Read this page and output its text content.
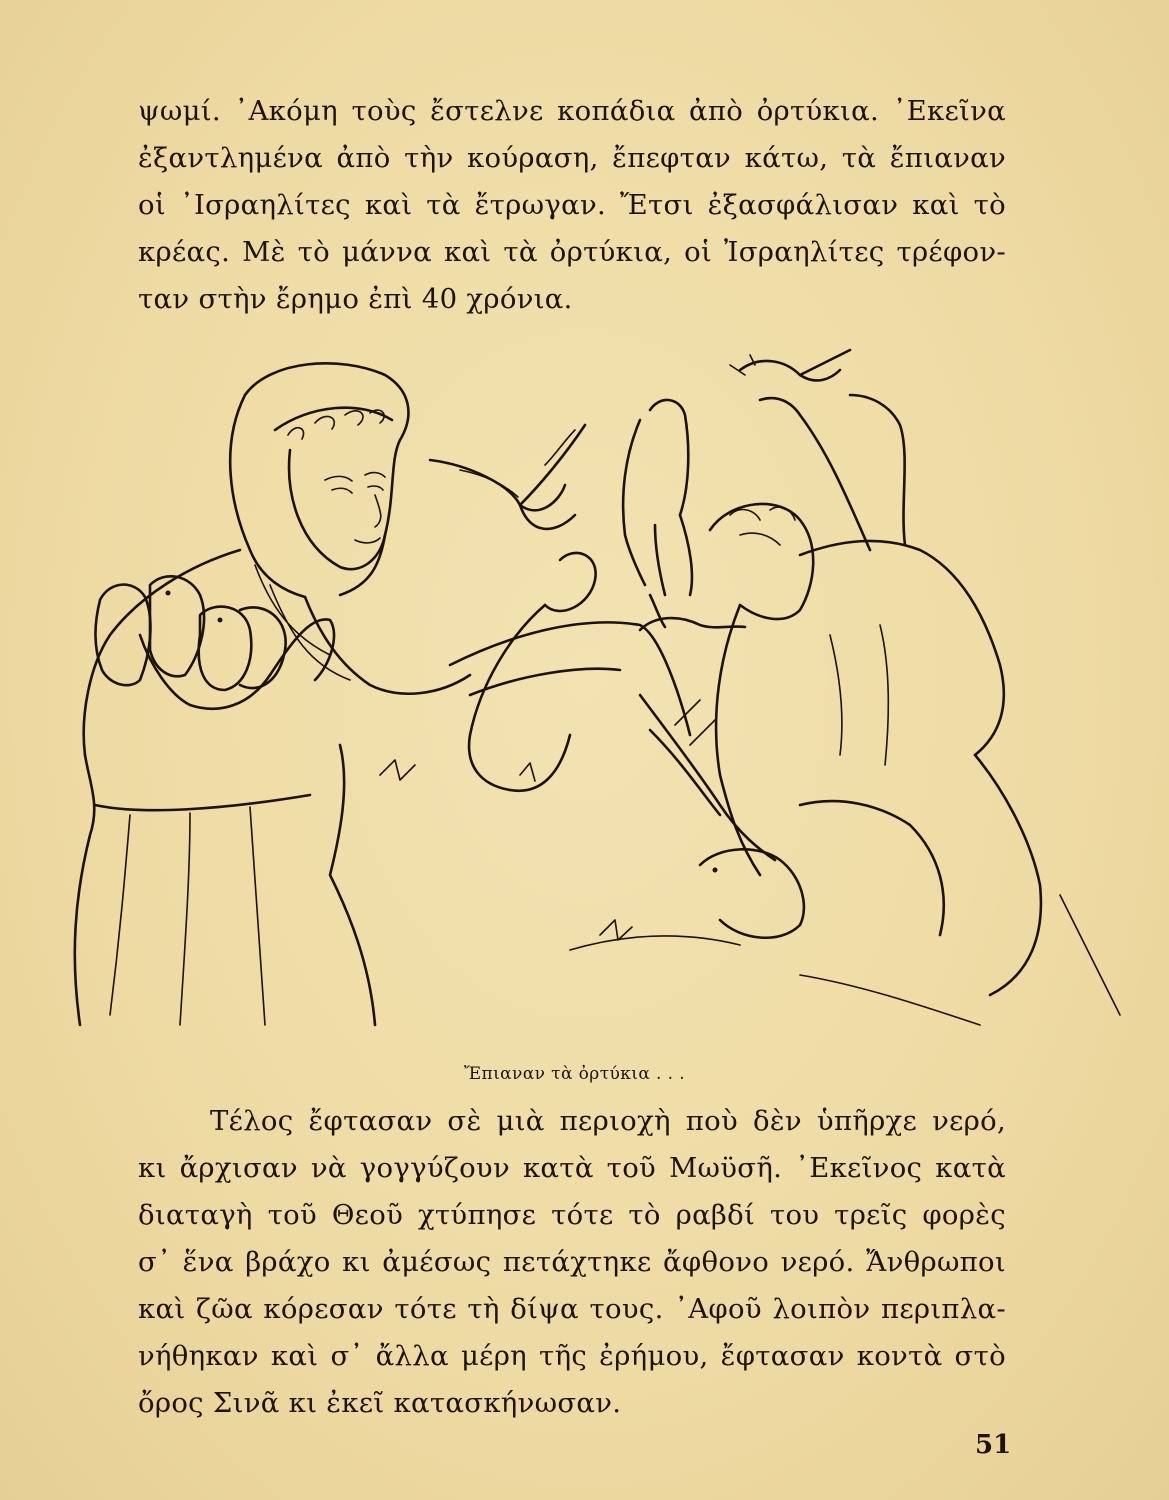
ψωμί. ᾿Ακόμη τοὺς ἔστελνε κοπάδια ἀπὸ ὀρτύκια. ᾿Εκεῖνα
ἐξαντλημένα ἀπὸ τὴν κούραση, ἔπεφταν κάτω, τὰ ἔπιαναν
οἱ ᾿Ισραηλίτες καὶ τὰ ἔτρωγαν. Ἔτσι ἐξασφάλισαν καὶ τὸ
κρέας. Μὲ τὸ μάννα καὶ τὰ ὀρτύκια, οἱ Ἰσραηλίτες τρέφον-
ταν στὴν ἔρημο ἐπὶ 40 χρόνια.
Ἔπιαναν τὰ ὀρτύκια . . .
Τέλος ἔφτασαν σὲ μιὰ περιοχὴ ποὺ δὲν ὑπῆρχε νερό,
κι ἄρχισαν νὰ γογγύζουν κατὰ τοῦ Μωϋσῆ. ᾿Εκεῖνος κατὰ
διαταγὴ τοῦ Θεοῦ χτύπησε τότε τὸ ραβδί του τρεῖς φορὲς
σ᾿ ἕνα βράχο κι ἀμέσως πετάχτηκε ἄφθονο νερό. Ἄνθρωποι
καὶ ζῶα κόρεσαν τότε τὴ δίψα τους. ᾿Αφοῦ λοιπὸν περιπλα-
νήθηκαν καὶ σ᾿ ἄλλα μέρη τῆς ἐρήμου, ἔφτασαν κοντὰ στὸ
ὄρος Σινᾶ κι ἐκεῖ κατασκήνωσαν.
51
